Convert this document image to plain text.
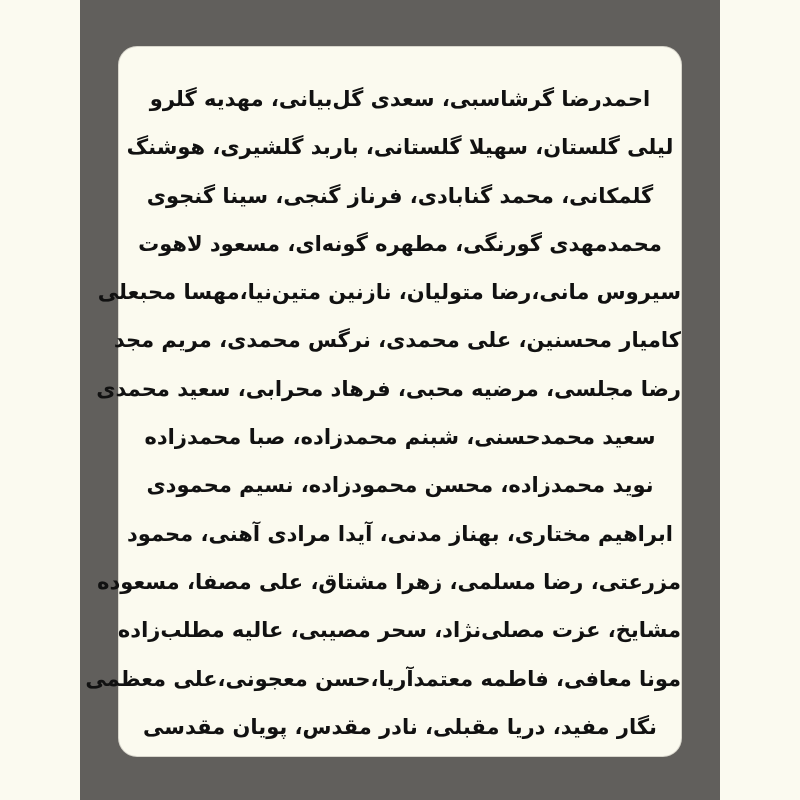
احمدرضا گرشاسبی، سعدی گل‌بیانی، مهدیه گلرو
لیلی گلستان، سهیلا گلستانی، باربد گلشیری، هوشنگ
گلمکانی، محمد گنابادی، فرناز گنجی، سینا گنجوی
محمدمهدی گورنگی، مطهره گونه‌ای، مسعود لاهوت
سیروس مانی،رضا متولیان، نازنین متین‌نیا،مهسا محبعلی
کامیار محسنین، علی محمدی، نرگس محمدی، مریم مجد
رضا مجلسی، مرضیه محبی، فرهاد محرابی، سعید محمدی
سعید محمدحسنی، شبنم محمدزاده، صبا محمدزاده
نوید محمدزاده، محسن محمودزاده، نسیم محمودی
ابراهیم مختاری، بهناز مدنی، آیدا مرادی آهنی، محمود
مزرعتی، رضا مسلمی، زهرا مشتاق، علی مصفا، مسعوده
مشایخ، عزت مصلی‌نژاد، سحر مصیبی، عالیه مطلب‌زاده
مونا معافی، فاطمه معتمدآریا،حسن معجونی،علی معظمی
نگار مفید، دریا مقبلی، نادر مقدس، پویان مقدسی
